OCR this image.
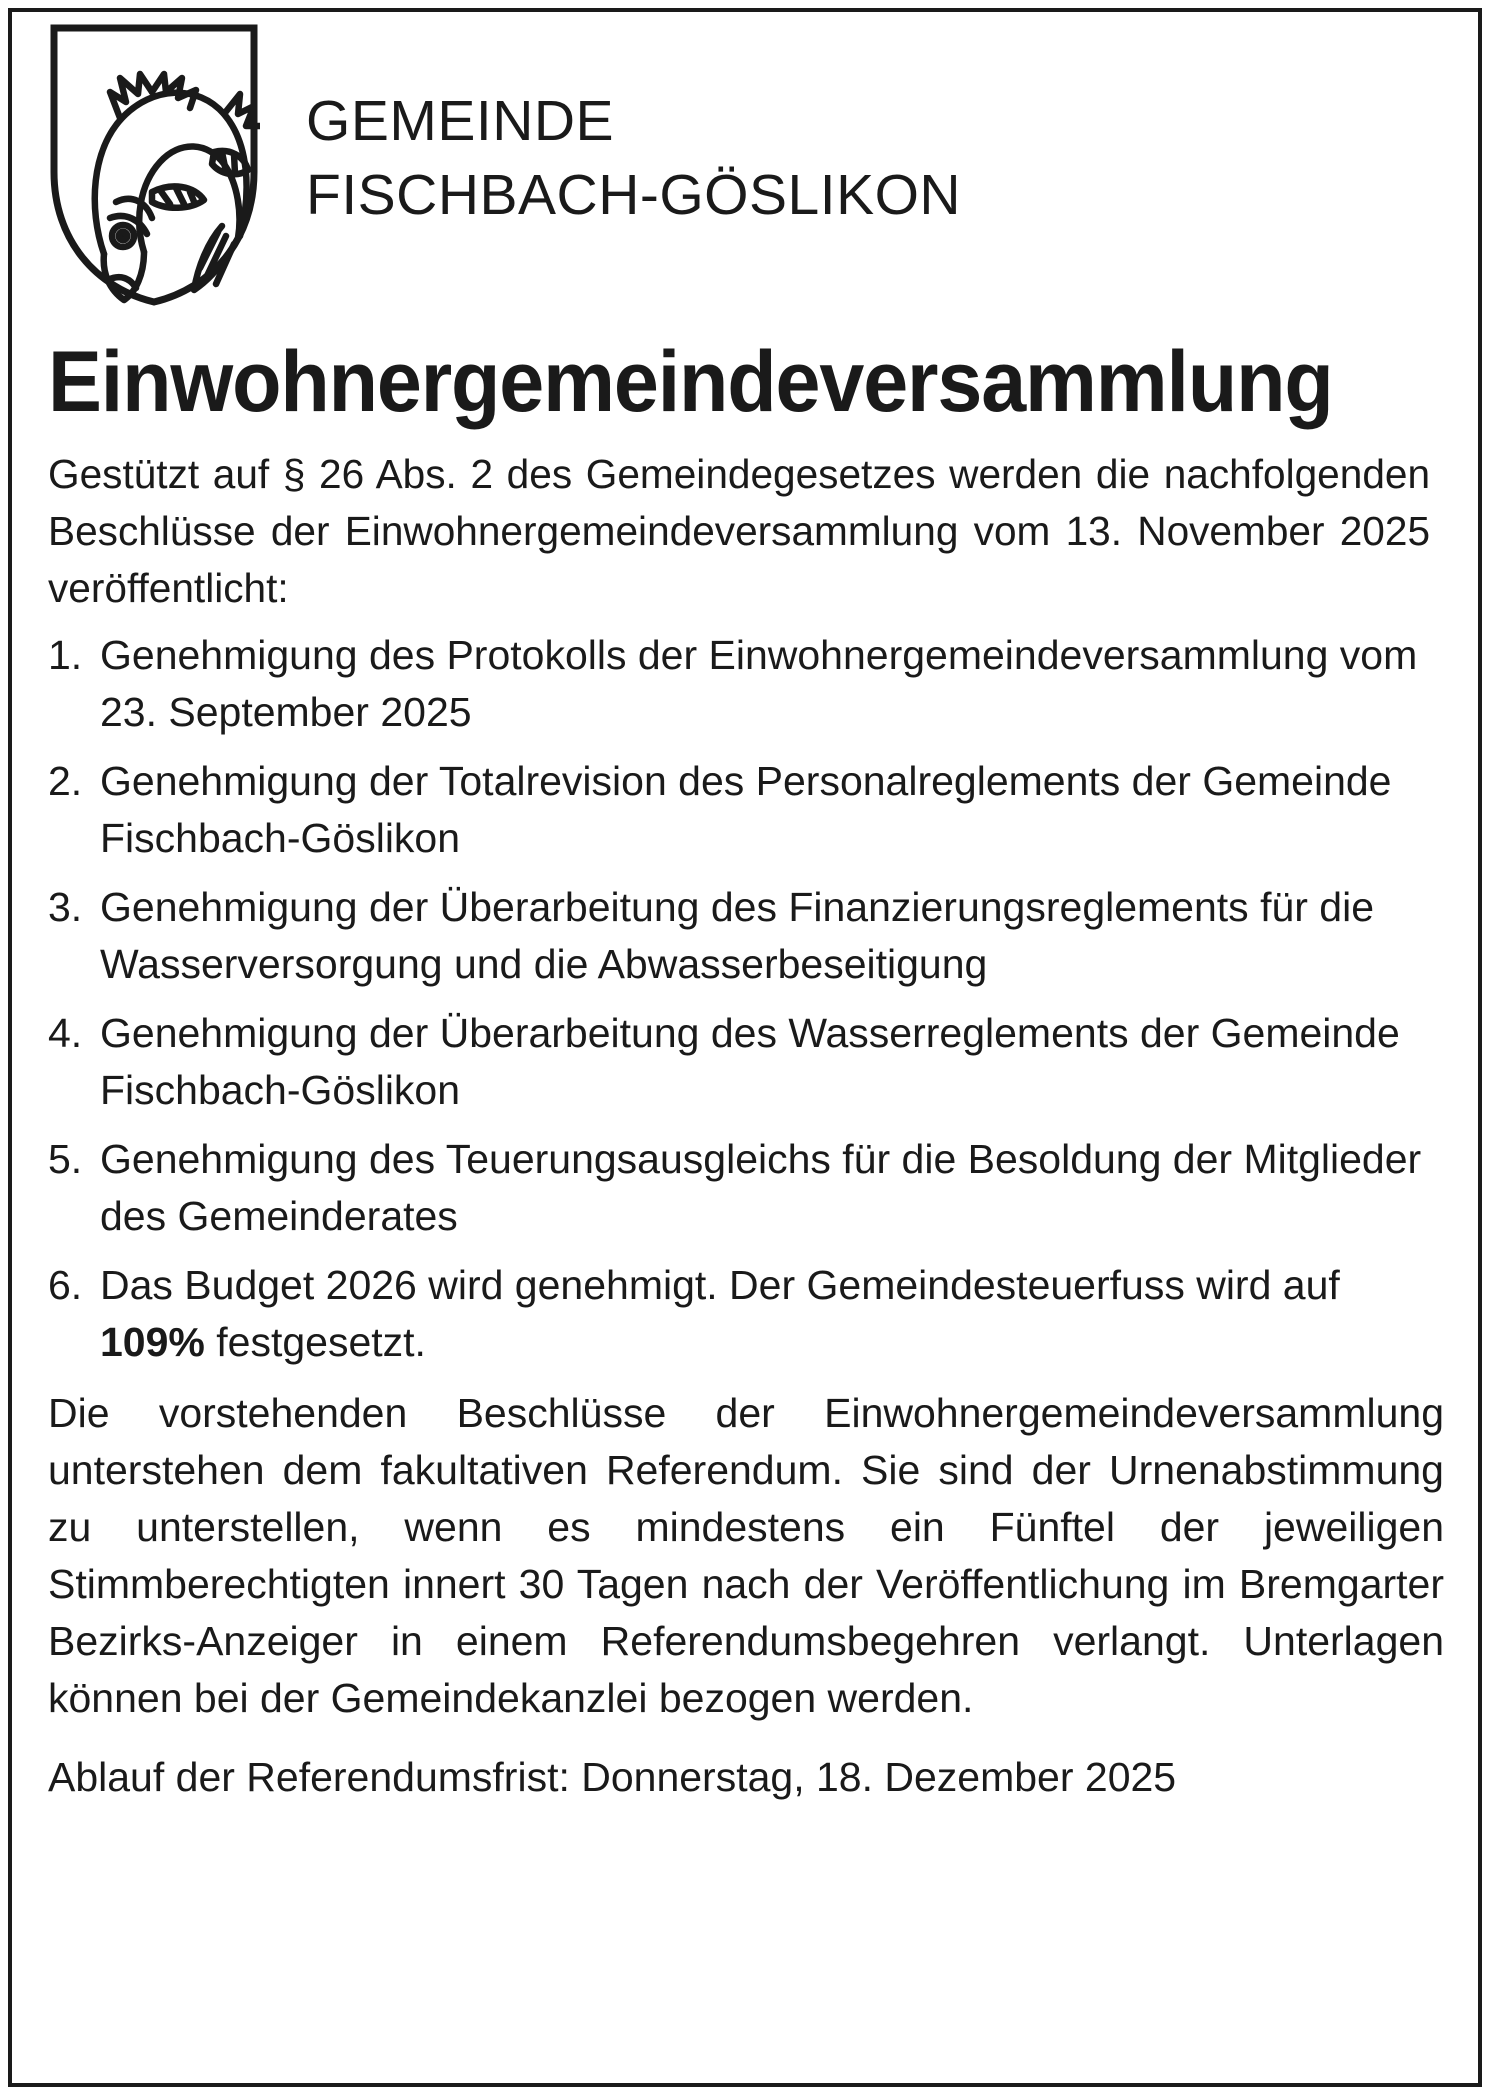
GEMEINDE
FISCHBACH-GÖSLIKON
Einwohnergemeindeversammlung

Gestützt auf § 26 Abs. 2 des Gemeindegesetzes werden die nachfolgenden Beschlüsse der Einwohnergemeindeversammlung vom 13. November 2025 veröffentlicht:

1. Genehmigung des Protokolls der Einwohnergemeindeversammlung vom 23. September 2025
2. Genehmigung der Totalrevision des Personalreglements der Gemeinde Fischbach-Göslikon
3. Genehmigung der Überarbeitung des Finanzierungsreglements für die Wasserversorgung und die Abwasserbeseitigung
4. Genehmigung der Überarbeitung des Wasserreglements der Gemeinde Fischbach-Göslikon
5. Genehmigung des Teuerungsausgleichs für die Besoldung der Mitglieder des Gemeinderates
6. Das Budget 2026 wird genehmigt. Der Gemeindesteuerfuss wird auf 109% festgesetzt.

Die vorstehenden Beschlüsse der Einwohnergemeindeversammlung unterstehen dem fakultativen Referendum. Sie sind der Urnenabstimmung zu unterstellen, wenn es mindestens ein Fünftel der jeweiligen Stimmberechtigten innert 30 Tagen nach der Veröffentlichung im Bremgarter Bezirks-Anzeiger in einem Referendumsbegehren verlangt. Unterlagen können bei der Gemeindekanzlei bezogen werden.

Ablauf der Referendumsfrist: Donnerstag, 18. Dezember 2025
